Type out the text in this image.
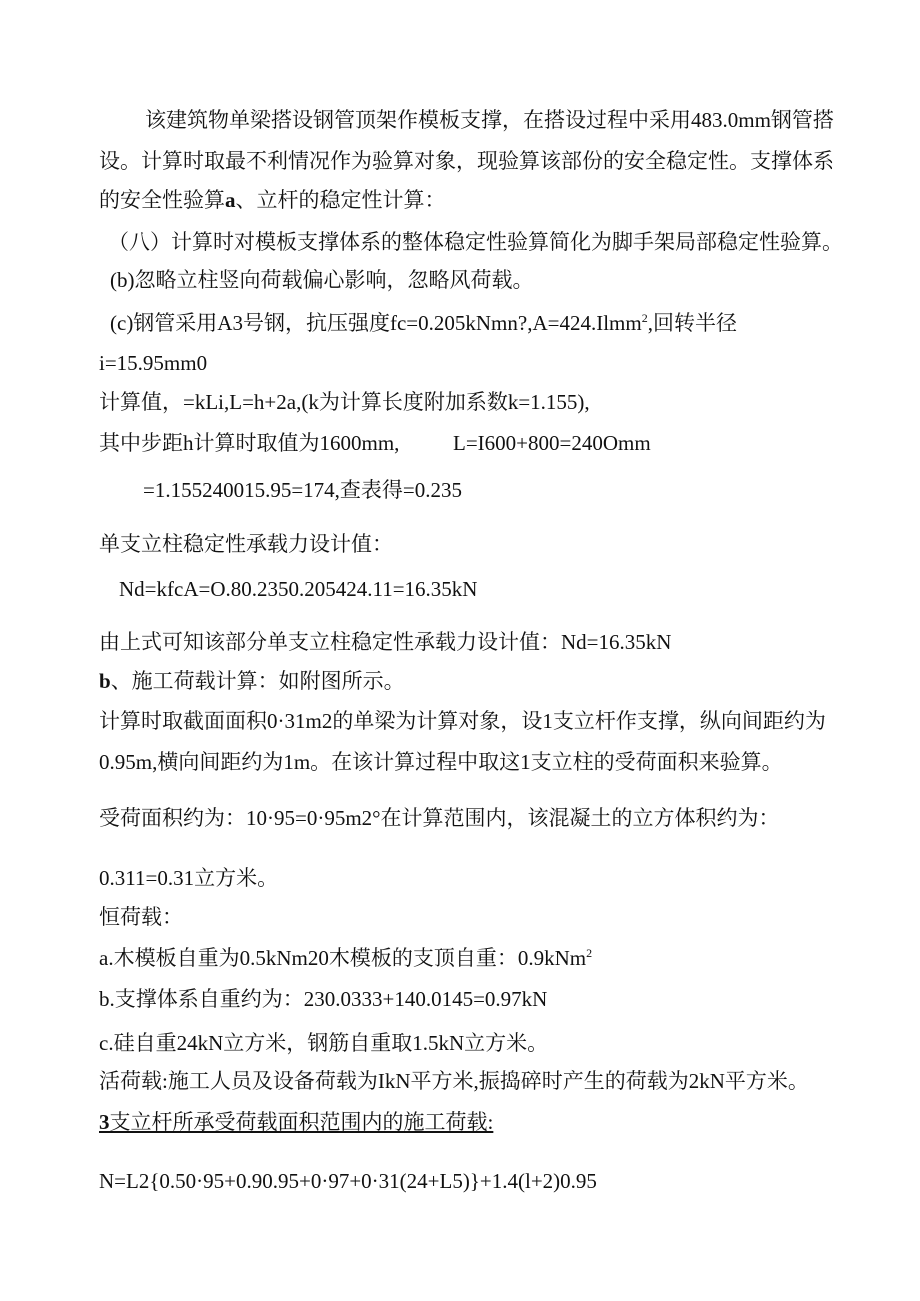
该建筑物单梁搭设钢管顶架作模板支撑，在搭设过程中采用483.0mm钢管搭
设。计算时取最不利情况作为验算对象，现验算该部份的安全稳定性。支撑体系
的安全性验算a、立杆的稳定性计算：
（八）计算时对模板支撑体系的整体稳定性验算简化为脚手架局部稳定性验算。
(b)忽略立柱竖向荷载偏心影响，忽略风荷载。
(c)钢管采用A3号钢，抗压强度fc=0.205kNmn?,A=424.Ilmm$^2$,回转半径
i=15.95mm0
计算值，=kLi,L=h+2a,(k为计算长度附加系数k=1.155),
其中步距h计算时取值为1600mm,	L=I600+800=240Omm
=1.155240015.95=174,查表得=0.235
单支立柱稳定性承载力设计值：
Nd=kfcA=O.80.2350.205424.11=16.35kN
由上式可知该部分单支立柱稳定性承载力设计值：Nd=16.35kN
b、施工荷载计算：如附图所示。
计算时取截面面积0·31m2的单梁为计算对象，设1支立杆作支撑，纵向间距约为
0.95m,横向间距约为1m。在该计算过程中取这1支立柱的受荷面积来验算。
受荷面积约为：10·95=0·95m2°在计算范围内，该混凝土的立方体积约为：
0.311=0.31立方米。
恒荷载：
a.木模板自重为0.5kNm20木模板的支顶自重：0.9kNm$^2$
b.支撑体系自重约为：230.0333+140.0145=0.97kN
c.硅自重24kN立方米，钢筋自重取1.5kN立方米。
活荷载:施工人员及设备荷载为IkN平方米,振捣碎时产生的荷载为2kN平方米。
3支立杆所承受荷载面积范围内的施工荷载:
N=L2{0.50·95+0.90.95+0·97+0·31(24+L5)}+1.4(l+2)0.95
